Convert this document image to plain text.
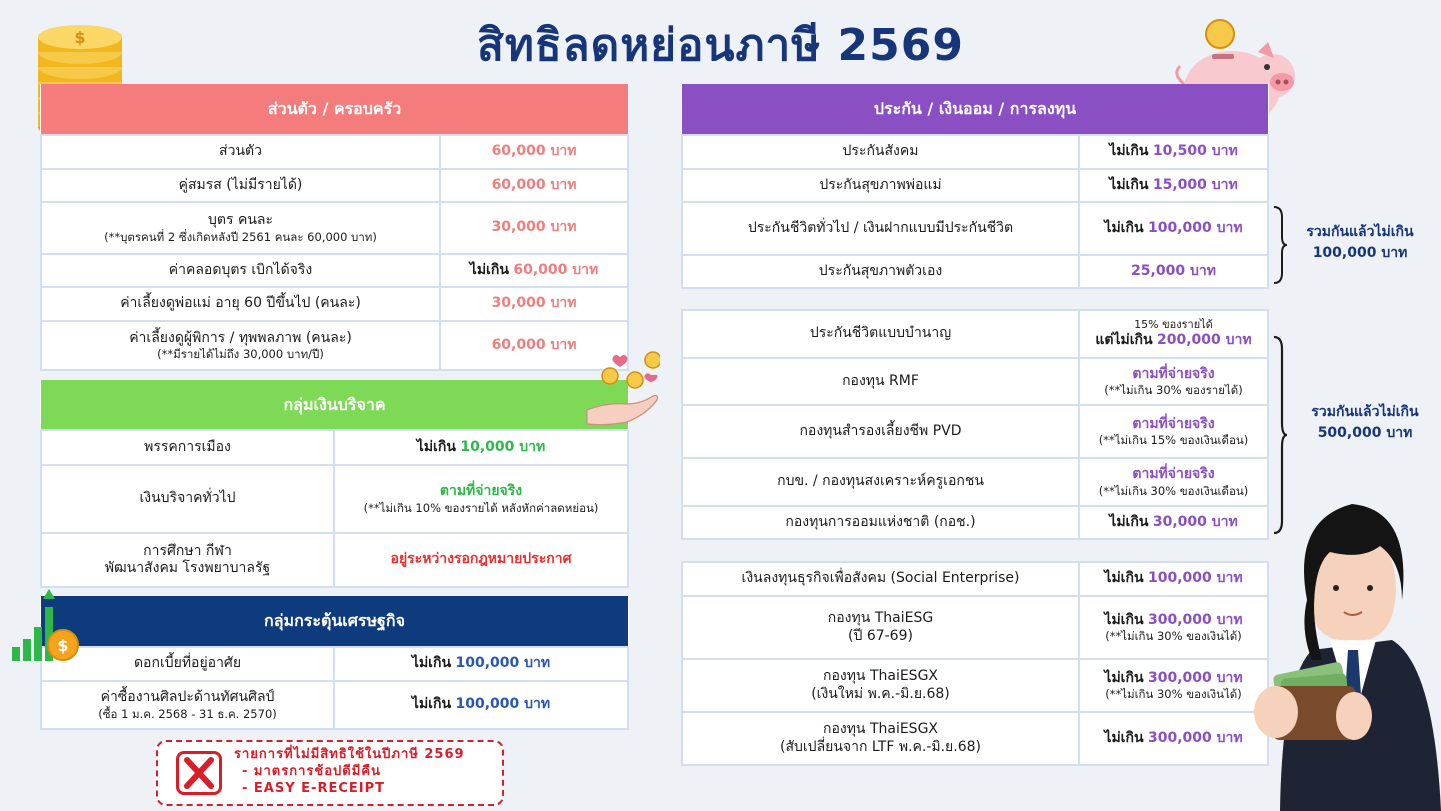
สิทธิลดหย่อนภาษี 2569
$
ส่วนตัว / ครอบครัว	
ส่วนตัว	60,000 บาท
คู่สมรส (ไม่มีรายได้)	60,000 บาท
บุตร คนละ
(**บุตรคนที่ 2 ซึ่งเกิดหลังปี 2561 คนละ 60,000 บาท)	30,000 บาท
ค่าคลอดบุตร เบิกได้จริง	ไม่เกิน 60,000 บาท
ค่าเลี้ยงดูพ่อแม่ อายุ 60 ปีขึ้นไป (คนละ)	30,000 บาท
ค่าเลี้ยงดูผู้พิการ / ทุพพลภาพ (คนละ)
(**มีรายได้ไม่ถึง 30,000 บาท/ปี)	60,000 บาท
กลุ่มเงินบริจาค	
พรรคการเมือง	ไม่เกิน 10,000 บาท
เงินบริจาคทั่วไป	ตามที่จ่ายจริง
(**ไม่เกิน 10% ของรายได้ หลังหักค่าลดหย่อน)

การศึกษา กีฬา
พัฒนาสังคม โรงพยาบาลรัฐ	อยู่ระหว่างรอกฎหมายประกาศ
กลุ่มกระตุ้นเศรษฐกิจ	
ดอกเบี้ยที่อยู่อาศัย	ไม่เกิน 100,000 บาท
ค่าซื้องานศิลปะด้านทัศนศิลป์
(ซื้อ 1 ม.ค. 2568 - 31 ธ.ค. 2570)	ไม่เกิน 100,000 บาท
$
ประกัน / เงินออม / การลงทุน	
ประกันสังคม	ไม่เกิน 10,500 บาท
ประกันสุขภาพพ่อแม่	ไม่เกิน 15,000 บาท
ประกันชีวิตทั่วไป / เงินฝากแบบมีประกันชีวิต	ไม่เกิน 100,000 บาท
ประกันสุขภาพตัวเอง	25,000 บาท
รวมกันแล้วไม่เกิน
100,000 บาท
ประกันชีวิตแบบบำนาญ	15% ของรายได้
แต่ไม่เกิน 200,000 บาท
กองทุน RMF	ตามที่จ่ายจริง
(**ไม่เกิน 30% ของรายได้)

กองทุนสำรองเลี้ยงชีพ PVD	ตามที่จ่ายจริง
(**ไม่เกิน 15% ของเงินเดือน)

กบข. / กองทุนสงเคราะห์ครูเอกชน	ตามที่จ่ายจริง
(**ไม่เกิน 30% ของเงินเดือน)

กองทุนการออมแห่งชาติ (กอช.)	ไม่เกิน 30,000 บาท
รวมกันแล้วไม่เกิน
500,000 บาท
เงินลงทุนธุรกิจเพื่อสังคม (Social Enterprise)	ไม่เกิน 100,000 บาท

กองทุน ThaiESG
(ปี 67-69)	ไม่เกิน 300,000 บาท
(**ไม่เกิน 30% ของเงินได้)

กองทุน ThaiESGX
(เงินใหม่ พ.ค.-มิ.ย.68)	ไม่เกิน 300,000 บาท
(**ไม่เกิน 30% ของเงินได้)

กองทุน ThaiESGX
(สับเปลี่ยนจาก LTF พ.ค.-มิ.ย.68)	ไม่เกิน 300,000 บาท
รายการที่ไม่มีสิทธิใช้ในปีภาษี 2569
- มาตรการช้อปดีมีคืน
- EASY E-RECEIPT
